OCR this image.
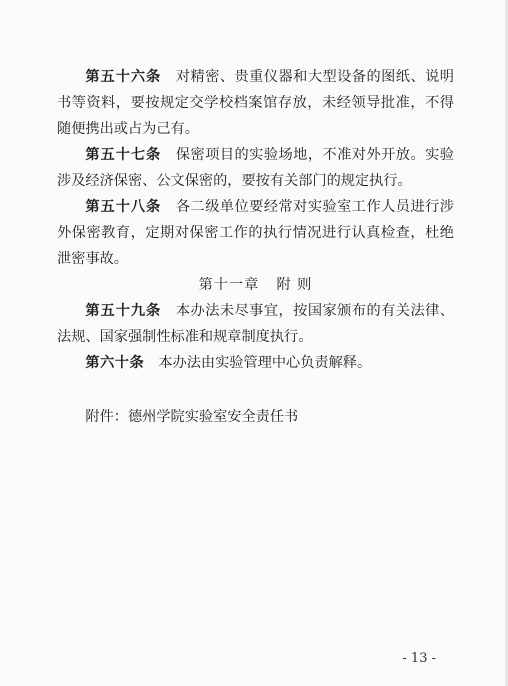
第五十六条 对精密、贵重仪器和大型设备的图纸、说明书等资料，要按规定交学校档案馆存放，未经领导批准，不得随便携出或占为己有。

第五十七条 保密项目的实验场地，不准对外开放。实验涉及经济保密、公文保密的，要按有关部门的规定执行。

第五十八条 各二级单位要经常对实验室工作人员进行涉外保密教育，定期对保密工作的执行情况进行认真检查，杜绝泄密事故。

第十一章 附 则

第五十九条 本办法未尽事宜，按国家颁布的有关法律、法规、国家强制性标准和规章制度执行。

第六十条 本办法由实验管理中心负责解释。

附件：德州学院实验室安全责任书

- 13 -
